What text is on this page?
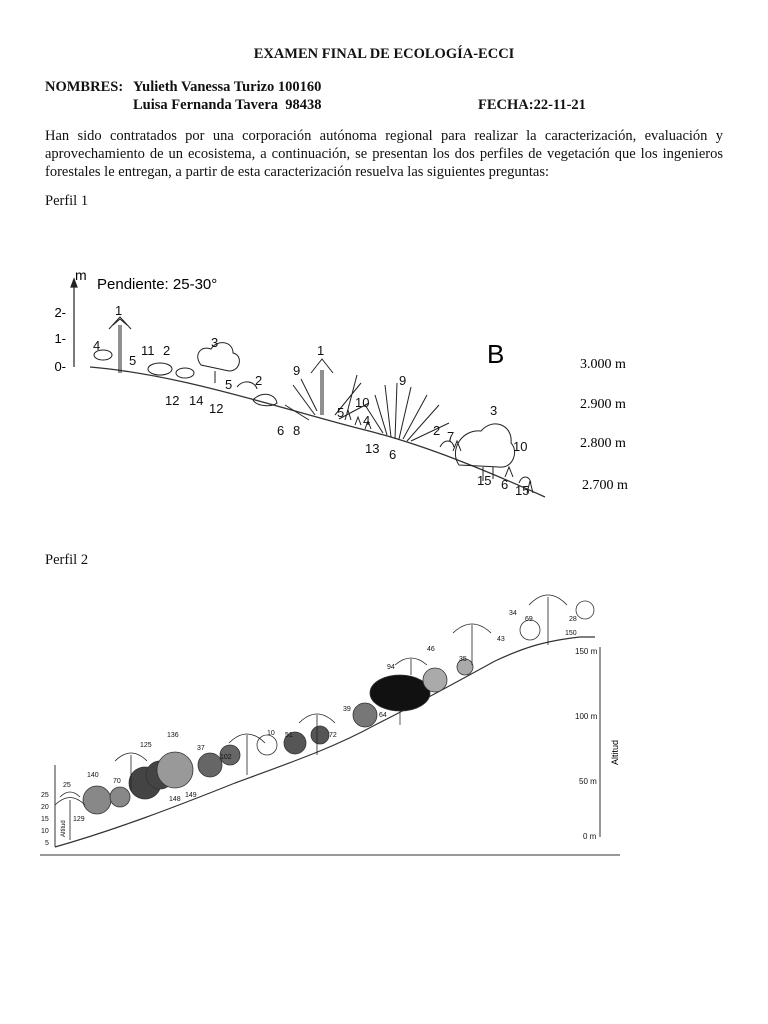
EXAMEN FINAL DE ECOLOGÍA-ECCI
NOMBRES: Yulieth Vanessa Turizo 100160
Luisa Fernanda Tavera  98438	FECHA:22-11-21
Han sido contratados por una corporación autónoma regional para realizar la caracterización, evaluación y aprovechamiento de un ecosistema, a continuación, se presentan los dos perfiles de vegetación que los ingenieros forestales le entregan, a partir de esta caracterización resuelva las siguientes preguntas:
Perfil 1
m
2-
1-
0-
Pendiente: 25-30°
B
1
4
5
11 2
3
12 14
12
5 2
9
1
6 8
5
10
4
9
13 6
3
2 7
10
15 6 15
3.000 m
2.900 m
2.800 m
2.700 m
Perfil 2
25
20
15
10
5
Altitud
150 m
100 m
50 m
0 m
Altitud
25
140
70
125
136
37
148
149
102
10 51	72
39
64
94
46
35
43
34
69	28
150
129
